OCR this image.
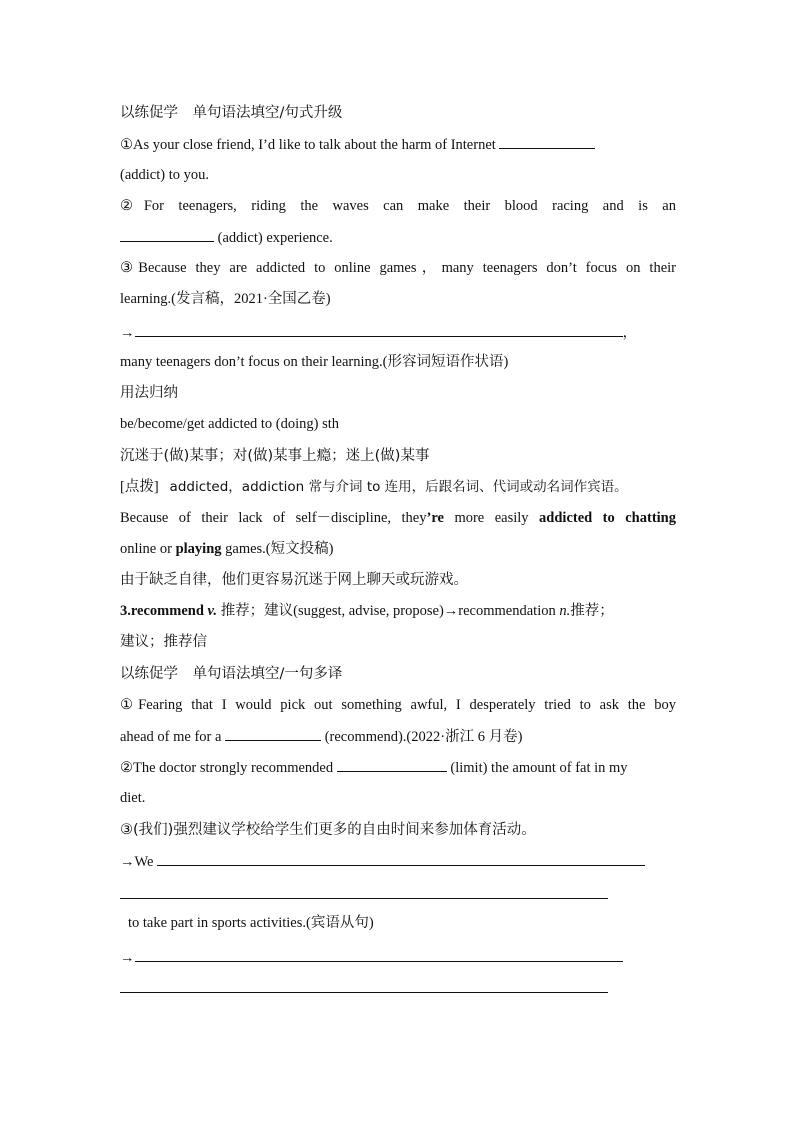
以练促学　单句语法填空/句式升级
①As your close friend, I’d like to talk about the harm of Internet
(addict) to you.
②For teenagers, riding the waves can make their blood racing and is an
(addict) experience.
③Because they are addicted to online games，many teenagers don’t focus on their
learning.(发言稿，2021·全国乙卷)
→	，
many teenagers don’t focus on their learning.(形容词短语作状语)
用法归纳
be/become/get addicted to (doing) sth
沉迷于(做)某事；对(做)某事上瘾；迷上(做)某事
[点拨] addicted，addiction 常与介词 to 连用，后跟名词、代词或动名词作宾语。
Because of their lack of self－discipline, they’re more easily addicted to chatting
online or playing games.(短文投稿)
由于缺乏自律，他们更容易沉迷于网上聊天或玩游戏。
3.recommend v. 推荐；建议(suggest, advise, propose)→recommendation n.推荐；
建议；推荐信
以练促学　单句语法填空/一句多译
①Fearing that I would pick out something awful, I desperately tried to ask the boy
ahead of me for a	(recommend).(2022·浙江 6 月卷)
②The doctor strongly recommended	(limit) the amount of fat in my
diet.
③(我们)强烈建议学校给学生们更多的自由时间来参加体育活动。
→We
to take part in sports activities.(宾语从句)
→
